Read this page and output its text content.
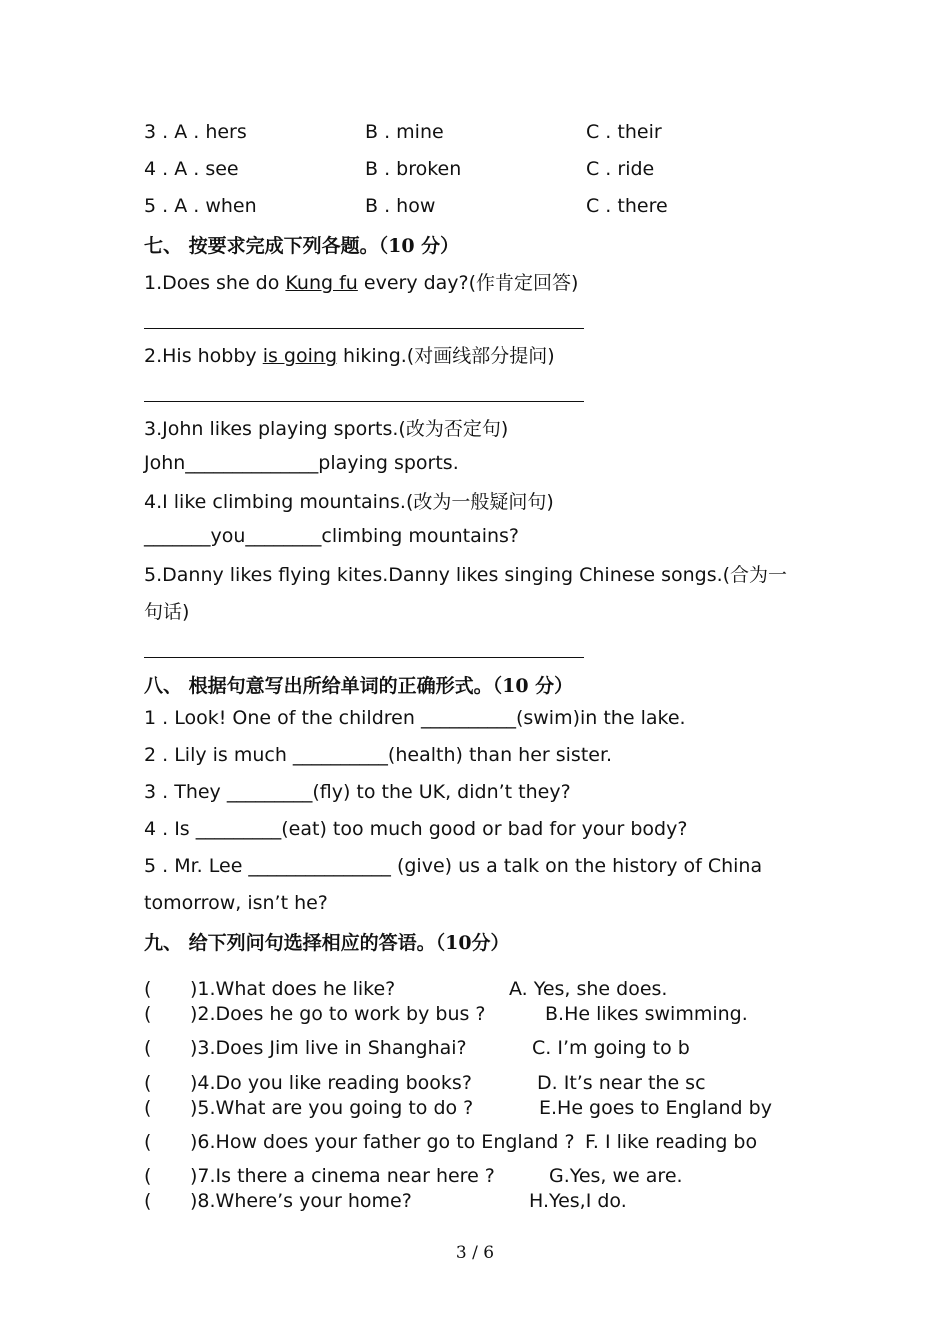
3 . A . hers	B . mine	C . their
4 . A . see	B . broken	C . ride
5 . A . when	B . how	C . there
七、 按要求完成下列各题。（10 分）
1.Does she do Kung fu every day?(作肯定回答)
2.His hobby is going hiking.(对画线部分提问)
3.John likes playing sports.(改为否定句)
John______________playing sports.
4.I like climbing mountains.(改为一般疑问句)
_______you________climbing mountains?
5.Danny likes flying kites.Danny likes singing Chinese songs.(合为一
句话)
八、 根据句意写出所给单词的正确形式。（10 分）
1 . Look! One of the children __________(swim)in the lake.
2 . Lily is much __________(health) than her sister.
3 . They _________(fly) to the UK, didn’t they?
4 . Is _________(eat) too much good or bad for your body?
5 . Mr. Lee _______________ (give) us a talk on the history of China
tomorrow, isn’t he?
九、 给下列问句选择相应的答语。（10分）
( )1.What does he like?	A. Yes, she does.
( )2.Does he go to work by bus ?	B.He likes swimming.
( )3.Does Jim live in Shanghai?	C. I’m going to b
( )4.Do you like reading books?	D. It’s near the sc
( )5.What are you going to do ?	E.He goes to England by
( )6.How does your father go to England ? F. I like reading bo
( )7.Is there a cinema near here ?	G.Yes, we are.
( )8.Where’s your home?	H.Yes,I do.
3 / 6
